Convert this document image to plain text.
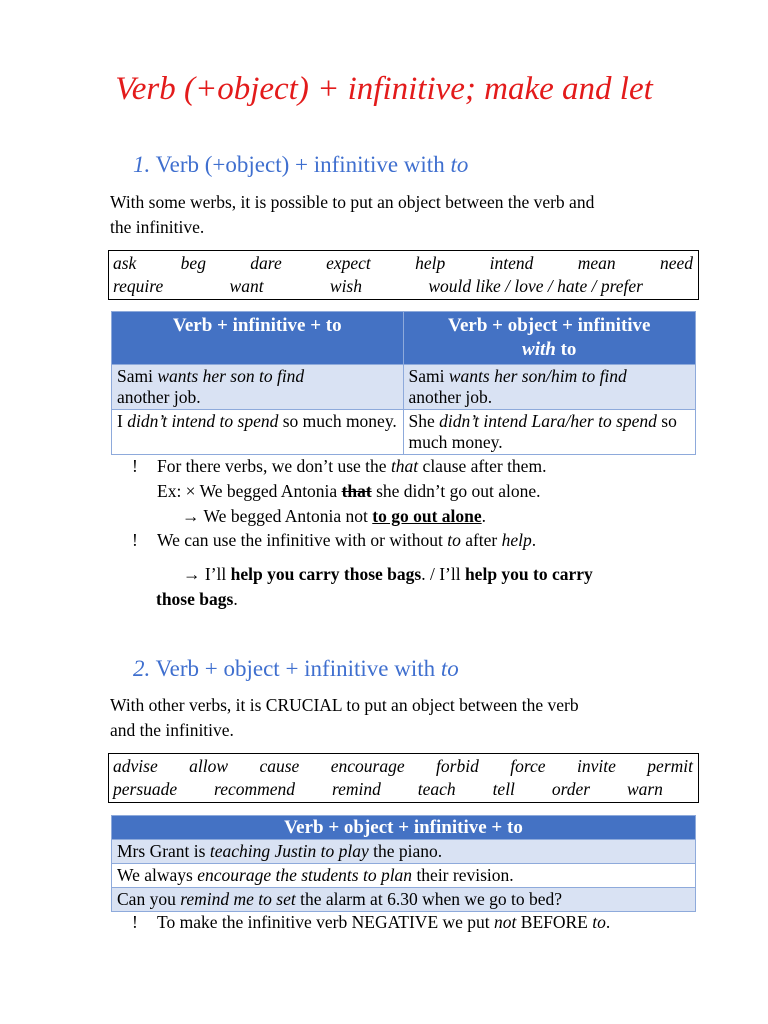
Verb (+object) + infinitive; make and let
1. Verb (+object) + infinitive with to
With some werbs, it is possible to put an object between the verb and
the infinitive.
ask	beg	dare	expect	help	intend	mean	need
require	want	wish	would like / love / hate / prefer
Verb + infinitive + to	Verb + object + infinitive
with to
Sami wants her son to find
another job.	Sami wants her son/him to find
another job.
I didn’t intend to spend so much money.	She didn’t intend Lara/her to spend so much money.
! For there verbs, we don’t use the that clause after them.
Ex: × We begged Antonia that she didn’t go out alone.
→ We begged Antonia not to go out alone.
! We can use the infinitive with or without to after help.
→ I’ll help you carry those bags. / I’ll help you to carry
those bags.
2. Verb + object + infinitive with to
With other verbs, it is CRUCIAL to put an object between the verb
and the infinitive.
advise allow cause encourage forbid force invite permit
persuade recommend remind teach tell order warn
Verb + object + infinitive + to
Mrs Grant is teaching Justin to play the piano.
We always encourage the students to plan their revision.
Can you remind me to set the alarm at 6.30 when we go to bed?
! To make the infinitive verb NEGATIVE we put not BEFORE to.
